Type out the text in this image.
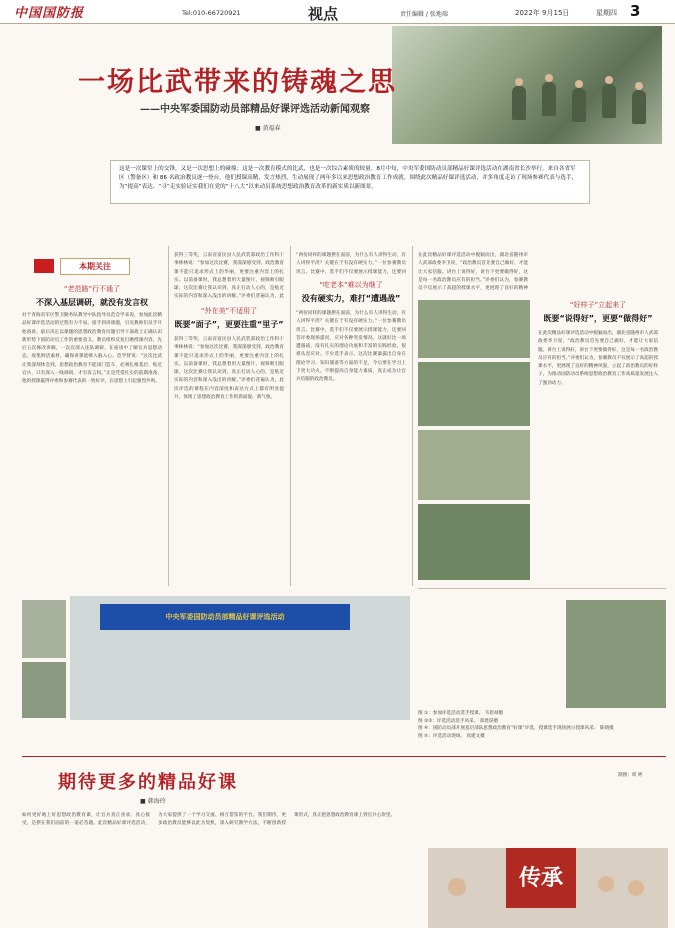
中国国防报	Tel:010-66720921	视点	责任编辑 / 张地瑞	2022年 9月15日	星期四 3
一场比武带来的铸魂之思
——中央军委国防动员部精品好课评选活动新闻观察
■ 黄福春

这是一次课堂上的交锋，又是一次思想上的碰撞；这是一次教育模式的比武，也是一次综合素质的较量。8月中旬，中央军委国防动员部精品好课评选活动在湖南省长沙举行。来自各省军区（警备区）和 86 名政治教员逐一登台，他们授课高精，发言热烈，生动展现了两年多以来思想政治教育工作成就。围绕此次精品好课评选活动，并多角度走访了现场参赛代表与选手，为“提高”表达、“寻”走实验证实我们在党的“十八大”以来动员系统思想政治教育改革的新实质以新图景。

本期关注
“老范路”行不通了
不深入基层调研，就没有发言权
对于青海省军区警卫勤务队教导中队指导员范会学来说，参加此次精品好课评选活动的过程有力不易。接手到讲课题，引见教师们及手开始备讲。最后决定以课题的思想政治教育问题引导干部战士正确认识新形势下国防动员工作的重要意义。教员组织反复打磨授课内容，先后五次修改讲稿，一次次深入连队调研，在座谈中了解官兵思想动态，收集鲜活素材，确保讲课能够入脑入心。范学智说：“这次比武让我深刻体会到，思想政治教育不能闭门造车，必须扎根基层、贴近官兵，只有深入一线调研，才有发言权。”正是凭借扎实的前期准备，他的授课赢得评委和参赛代表的一致好评，在思想上引起强烈共鸣。
获得三等奖，云南省富民县人民武装部政治工作科干事林林说：“参加这次比赛，我深深感受到，政治教育课不能只追求形式上的华丽，更要注重内容上的扎实。以前备课时，我总想着用大量图片、视频吸引眼球，这次比赛让我认识到，真正打动人心的，是贴近实际的内容和深入浅出的讲解。”评委们普遍认为，此
“外在美”不适用了
既要“面子”，更要注重“里子”
获得三等奖，云南省富民县人民武装部政治工作科干事林林说：“参加这次比赛，我深深感受到，政治教育课不能只追求形式上的华丽，更要注重内容上的扎实。以前备课时，我总想着用大量图片、视频吸引眼球，这次比赛让我认识到，真正打动人心的，是贴近实际的内容和深入浅出的讲解。”评委们普遍认为，此次评选的课程在内容深度和表达方式上都有明显提升，体现了思想政治教育工作的新面貌、新气象。
“两份同样的课题摆在面前，为什么有人讲得生动，有人讲得平淡？关键在于有没有硬实力。”一位参赛教员坦言。比赛中，选手们不仅要展示授课能力，还要回
“吃老本”难以为继了
没有硬实力，难打“遭遇战”
“两份同样的课题摆在面前，为什么有人讲得生动，有人讲得平淡？关键在于有没有硬实力。”一位参赛教员坦言。比赛中，选手们不仅要展示授课能力，还要回答评委现场提问，应对各种突发情况。这就好比一场遭遇战，没有扎实的理论功底和丰富的实践经验，很难从容应对。不少选手表示，这次比赛暴露出自身在理论学习、知识储备等方面的不足，今后要在学习上下更大功夫，不断提高自身能力素质，真正成为让官兵信服的政治教员。
在此次精品好课评选活动中脱颖而出，湖北省随州市人武部政委李卫说，“政治教员首先要自己做好，才能让大家信服。讲台上说得好，讲台下更要做得好，这是每一名政治教员应有的担当。”评委们认为，参赛教员不仅展示了高超的授课水平，更展现了良好的精神
“好样子”立起来了
既要“说得好”，更要“做得好”
在此次精品好课评选活动中脱颖而出，湖北省随州市人武部政委李卫说，“政治教员首先要自己做好，才能让大家信服。讲台上说得好，讲台下更要做得好，这是每一名政治教员应有的担当。”评委们认为，参赛教员不仅展示了高超的授课水平，更展现了良好的精神风貌，立起了政治教员的好样子，为推动国防动员系统思想政治教育工作高质量发展注入了强劲动力。
中央军委国防动员部精品好课评选活动
图 ①：参加评选活动选手授课。 韦思禄摄
图 ②③：评选活动选手风采。 郑建谋摄
图 ④：国防动员部开展基层部队思想政治教育“好课”评选，授课选手现场展示授课风采。 陈婧摄
图 ⑤：评选活动现场。 高建文摄
制图：周 婷
期待更多的精品好课
■ 韩海玲
如何更好地上好思想政治教育课，让官兵真正喜欢、真心接受，是摆在我们面前的一道必答题。此次精品好课评选活动，为大家提供了一个学习交流、相互借鉴的平台。我们期待，更多政治教员能够以此为契机，深入研究教学方法，不断创新授课形式，真正把思想政治教育课上到官兵心坎里。
传承
